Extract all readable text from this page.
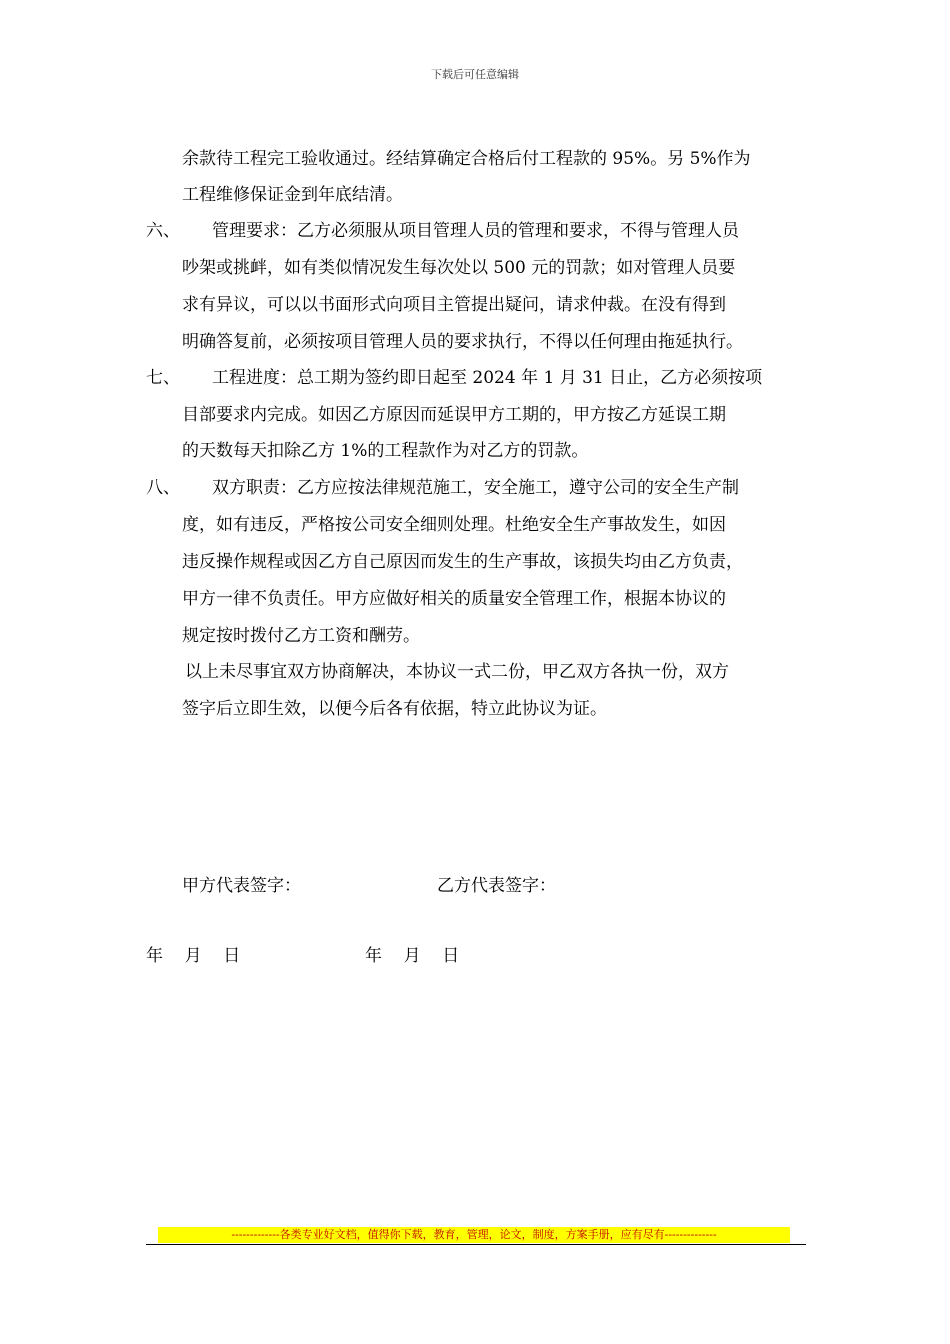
下载后可任意编辑
余款待工程完工验收通过。经结算确定合格后付工程款的 95%。另 5%作为
工程维修保证金到年底结清。
六、 管理要求：乙方必须服从项目管理人员的管理和要求，不得与管理人员
吵架或挑衅，如有类似情况发生每次处以 500 元的罚款；如对管理人员要
求有异议，可以以书面形式向项目主管提出疑问，请求仲裁。在没有得到
明确答复前，必须按项目管理人员的要求执行，不得以任何理由拖延执行。
七、 工程进度：总工期为签约即日起至 2024 年 1 月 31 日止，乙方必须按项
目部要求内完成。如因乙方原因而延误甲方工期的，甲方按乙方延误工期
的天数每天扣除乙方 1%的工程款作为对乙方的罚款。
八、 双方职责：乙方应按法律规范施工，安全施工，遵守公司的安全生产制
度，如有违反，严格按公司安全细则处理。杜绝安全生产事故发生，如因
违反操作规程或因乙方自己原因而发生的生产事故，该损失均由乙方负责，
甲方一律不负责任。甲方应做好相关的质量安全管理工作，根据本协议的
规定按时拨付乙方工资和酬劳。
以上未尽事宜双方协商解决，本协议一式二份，甲乙双方各执一份，双方
签字后立即生效，以便今后各有依据，特立此协议为证。
甲方代表签字：	乙方代表签字：
年    月    日	年    月    日
-------------各类专业好文档，值得你下载，教育，管理，论文，制度，方案手册，应有尽有--------------
